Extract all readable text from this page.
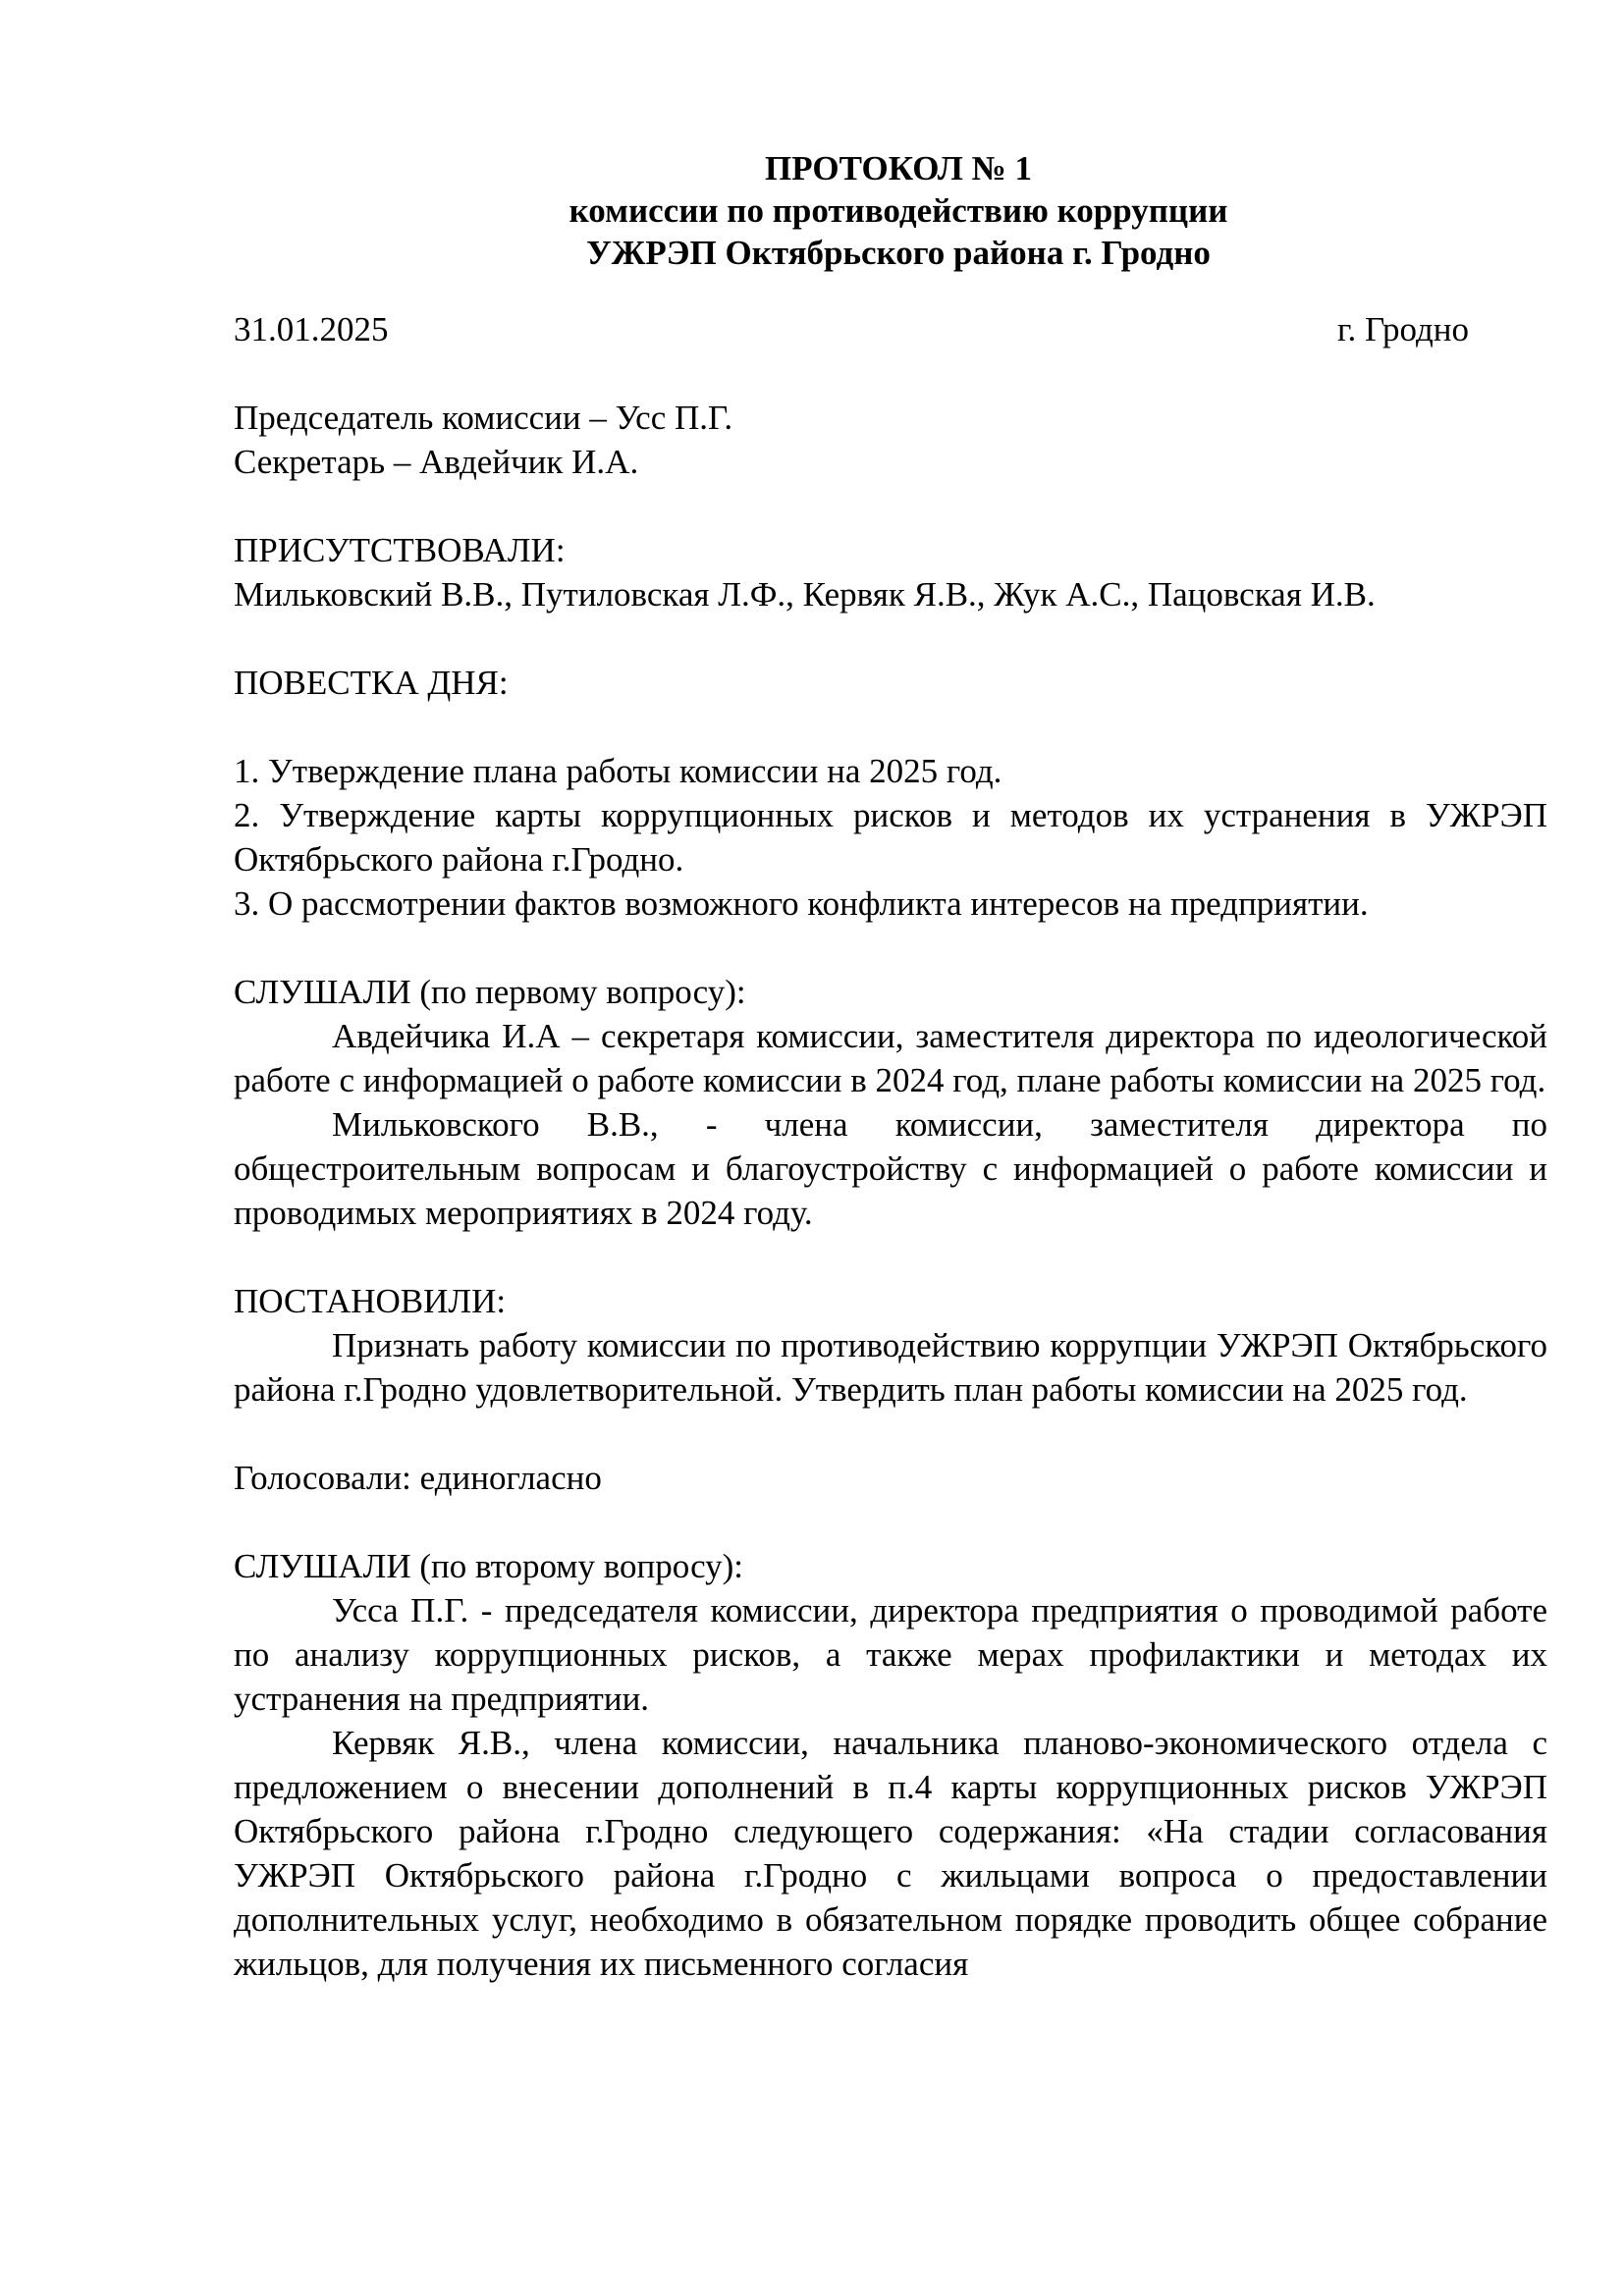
ПРОТОКОЛ № 1
комиссии по противодействию коррупции
УЖРЭП Октябрьского района г. Гродно
31.01.2025	г. Гродно

Председатель комиссии – Усс П.Г.

Секретарь – Авдейчик И.А.

ПРИСУТСТВОВАЛИ:

Мильковский В.В., Путиловская Л.Ф., Кервяк Я.В., Жук А.С., Пацовская И.В.

ПОВЕСТКА ДНЯ:

1. Утверждение плана работы комиссии на 2025 год.
2. Утверждение карты коррупционных рисков и методов их устранения в УЖРЭП Октябрьского района г.Гродно.
3. О рассмотрении фактов возможного конфликта интересов на предприятии.

СЛУШАЛИ (по первому вопросу):

Авдейчика И.А – секретаря комиссии, заместителя директора по идеологической работе с информацией о работе комиссии в 2024 год, плане работы комиссии на 2025 год.

Мильковского В.В., - члена комиссии, заместителя директора по общестроительным вопросам и благоустройству с информацией о работе комиссии и проводимых мероприятиях в 2024 году.

ПОСТАНОВИЛИ:

Признать работу комиссии по противодействию коррупции УЖРЭП Октябрьского района г.Гродно удовлетворительной. Утвердить план работы комиссии на 2025 год.

Голосовали: единогласно

СЛУШАЛИ (по второму вопросу):

Усса П.Г. - председателя комиссии, директора предприятия о проводимой работе по анализу коррупционных рисков, а также мерах профилактики и методах их устранения на предприятии.

Кервяк Я.В., члена комиссии, начальника планово-экономического отдела с предложением о внесении дополнений в п.4 карты коррупционных рисков УЖРЭП Октябрьского района г.Гродно следующего содержания: «На стадии согласования УЖРЭП Октябрьского района г.Гродно с жильцами вопроса о предоставлении дополнительных услуг, необходимо в обязательном порядке проводить общее собрание жильцов, для получения их письменного согласия
